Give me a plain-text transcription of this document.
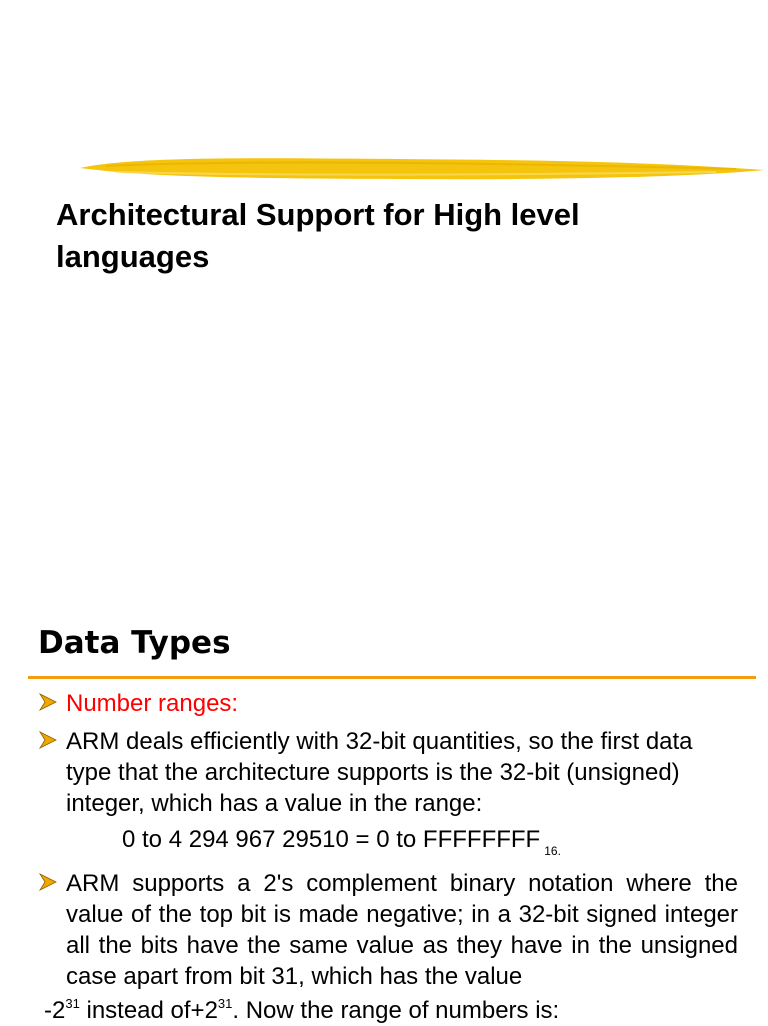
Architectural Support for High level languages
Data Types
Number ranges:
ARM deals efficiently with 32-bit quantities, so the first data type that the architecture supports is the 32-bit (unsigned) integer, which has a value in the range:
0 to 4 294 967 29510 = 0 to FFFFFFFF $_{16.}$
ARM supports a 2's complement binary notation where the value of the top bit is made negative; in a 32-bit signed integer all the bits have the same value as they have in the unsigned case apart from bit 31, which has the value
$-2^{31}$ instead $of+2^{31}$. Now the range of numbers is:
